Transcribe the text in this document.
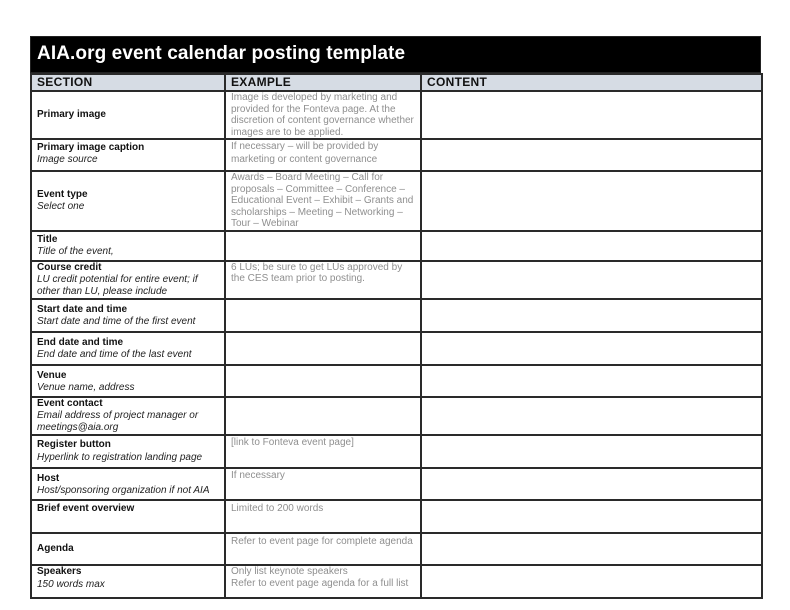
AIA.org event calendar posting template
SECTION	EXAMPLE	CONTENT

Primary image	Image is developed by marketing and provided for the Fonteva page. At the discretion of content governance whether images are to be applied.	

Primary image caption
Image source	If necessary – will be provided by marketing or content governance	

Event type
Select one	Awards – Board Meeting – Call for proposals – Committee – Conference – Educational Event – Exhibit – Grants and scholarships – Meeting – Networking – Tour – Webinar	

Title
Title of the event,		

Course credit
LU credit potential for entire event; if other than LU, please include	6 LUs; be sure to get LUs approved by the CES team prior to posting.	

Start date and time
Start date and time of the first event		

End date and time
End date and time of the last event		

Venue
Venue name, address		

Event contact
Email address of project manager or meetings@aia.org		

Register button
Hyperlink to registration landing page	[link to Fonteva event page]	

Host
Host/sponsoring organization if not AIA	If necessary	

Brief event overview	Limited to 200 words	

Agenda	Refer to event page for complete agenda	

Speakers
150 words max	Only list keynote speakers
Refer to event page agenda for a full list	
